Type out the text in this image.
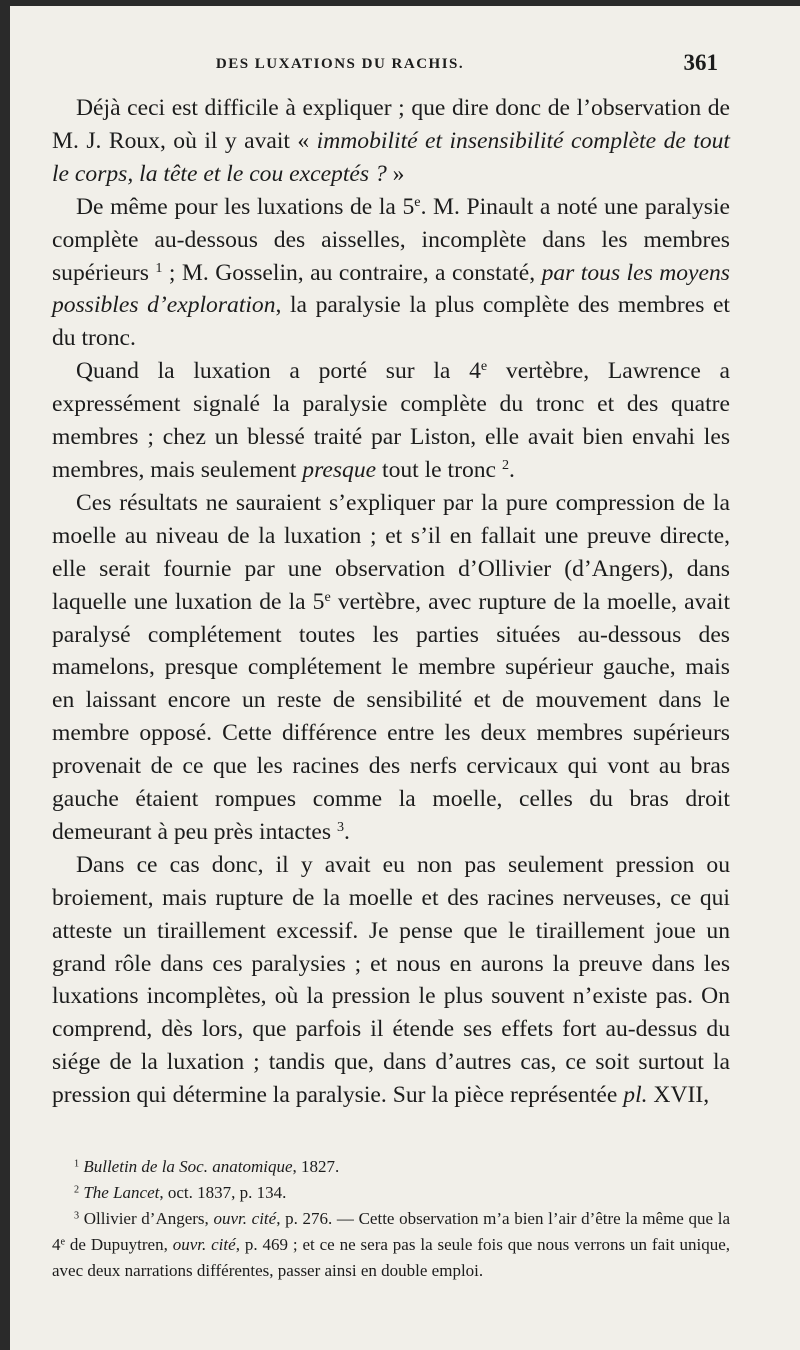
DES LUXATIONS DU RACHIS.	361

Déjà ceci est difficile à expliquer ; que dire donc de l’observation de M. J. Roux, où il y avait « immobilité et insensibilité complète de tout le corps, la tête et le cou exceptés ? »

De même pour les luxations de la 5e. M. Pinault a noté une paralysie complète au-dessous des aisselles, incomplète dans les membres supérieurs $^1$ ; M. Gosselin, au contraire, a constaté, par tous les moyens possibles d’exploration, la paralysie la plus complète des membres et du tronc.

Quand la luxation a porté sur la 4e vertèbre, Lawrence a expressément signalé la paralysie complète du tronc et des quatre membres ; chez un blessé traité par Liston, elle avait bien envahi les membres, mais seulement presque tout le tronc $^2$.

Ces résultats ne sauraient s’expliquer par la pure compression de la moelle au niveau de la luxation ; et s’il en fallait une preuve directe, elle serait fournie par une observation d’Ollivier (d’Angers), dans laquelle une luxation de la 5e vertèbre, avec rupture de la moelle, avait paralysé complétement toutes les parties situées au-dessous des mamelons, presque complétement le membre supérieur gauche, mais en laissant encore un reste de sensibilité et de mouvement dans le membre opposé. Cette différence entre les deux membres supérieurs provenait de ce que les racines des nerfs cervicaux qui vont au bras gauche étaient rompues comme la moelle, celles du bras droit demeurant à peu près intactes $^3$.

Dans ce cas donc, il y avait eu non pas seulement pression ou broiement, mais rupture de la moelle et des racines nerveuses, ce qui atteste un tiraillement excessif. Je pense que le tiraillement joue un grand rôle dans ces paralysies ; et nous en aurons la preuve dans les luxations incomplètes, où la pression le plus souvent n’existe pas. On comprend, dès lors, que parfois il étende ses effets fort au-dessus du siége de la luxation ; tandis que, dans d’autres cas, ce soit surtout la pression qui détermine la paralysie. Sur la pièce représentée pl. XVII,

$^1$ Bulletin de la Soc. anatomique, 1827.

$^2$ The Lancet, oct. 1837, p. 134.

$^3$ Ollivier d’Angers, ouvr. cité, p. 276. — Cette observation m’a bien l’air d’être la même que la 4e de Dupuytren, ouvr. cité, p. 469 ; et ce ne sera pas la seule fois que nous verrons un fait unique, avec deux narrations différentes, passer ainsi en double emploi.
